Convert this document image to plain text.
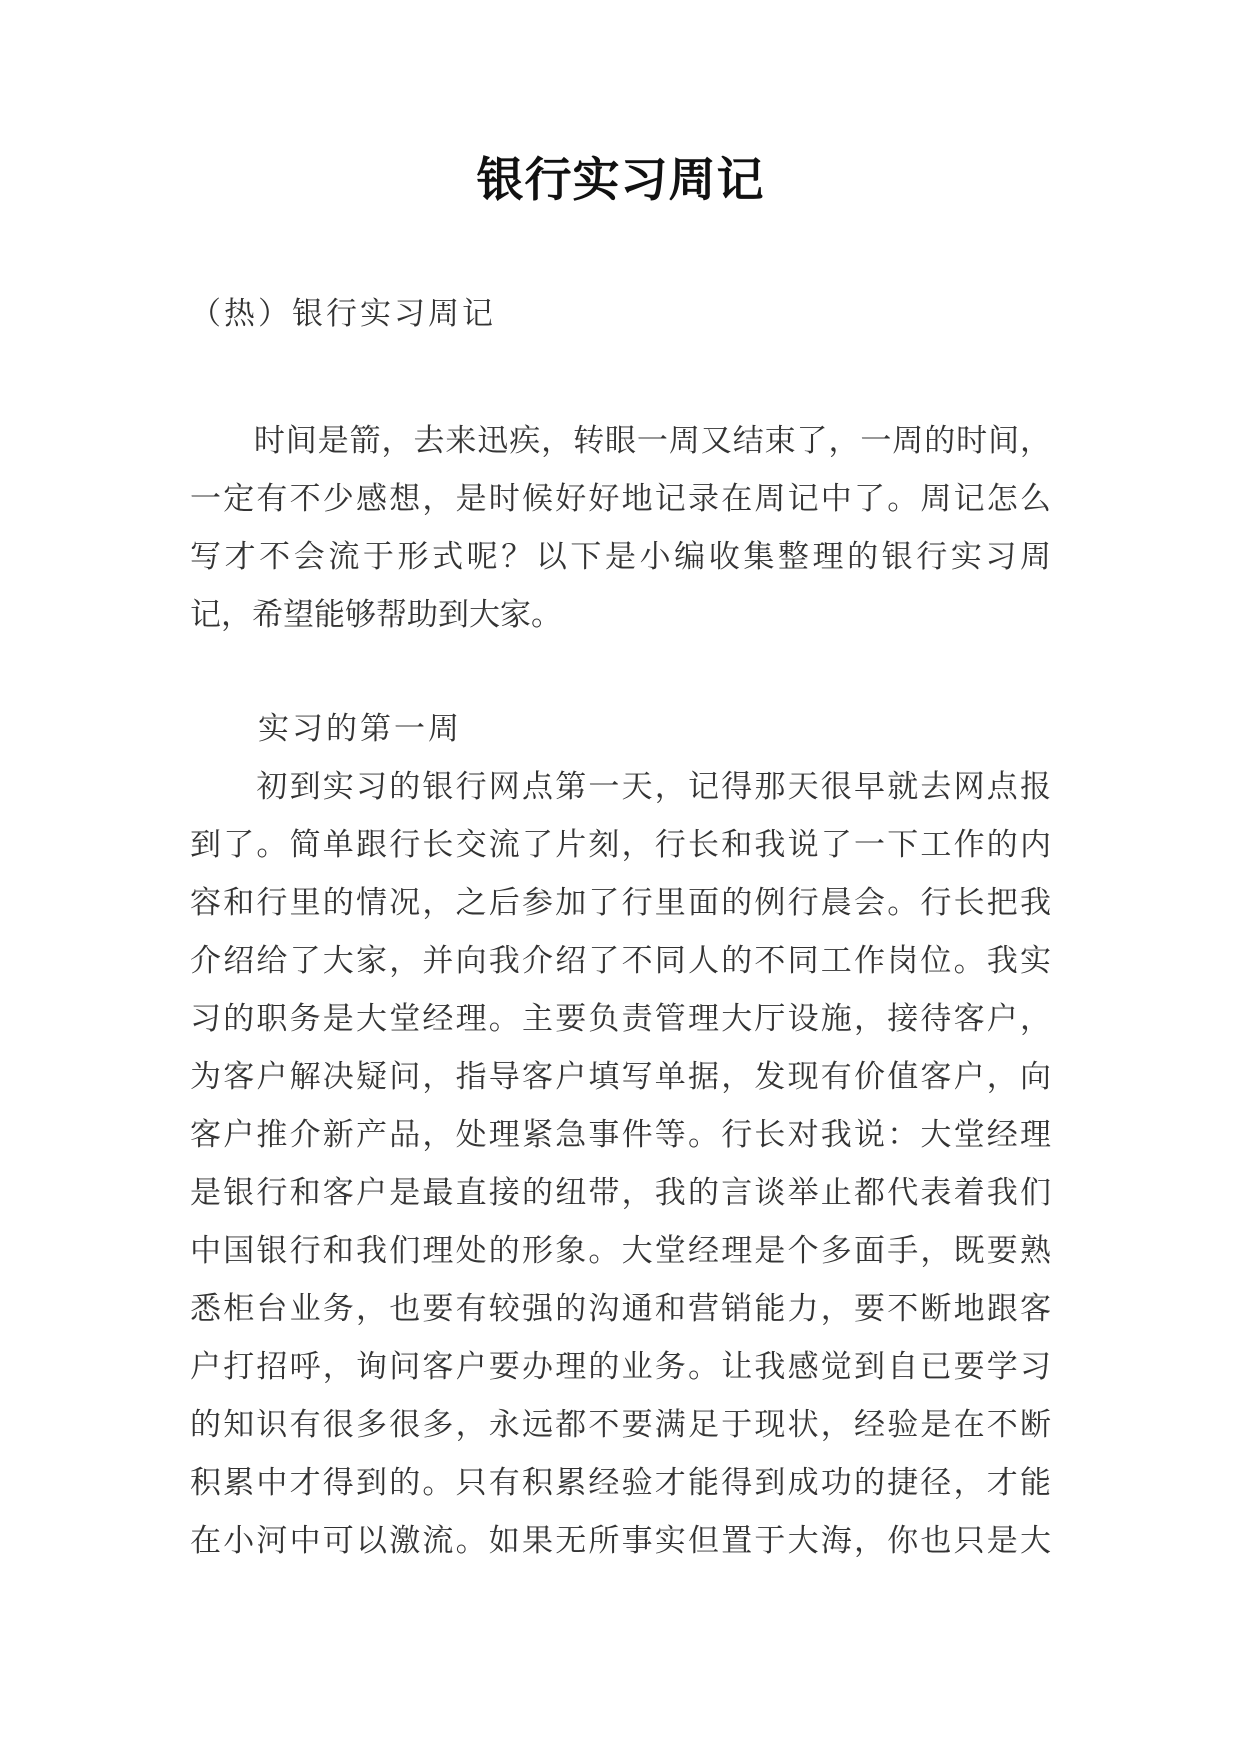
银行实习周记
（热）银行实习周记
　　时间是箭，去来迅疾，转眼一周又结束了，一周的时间，
一定有不少感想，是时候好好地记录在周记中了。周记怎么
写才不会流于形式呢？以下是小编收集整理的银行实习周
记，希望能够帮助到大家。
实习的第一周
　　初到实习的银行网点第一天，记得那天很早就去网点报
到了。简单跟行长交流了片刻，行长和我说了一下工作的内
容和行里的情况，之后参加了行里面的例行晨会。行长把我
介绍给了大家，并向我介绍了不同人的不同工作岗位。我实
习的职务是大堂经理。主要负责管理大厅设施，接待客户，
为客户解决疑问，指导客户填写单据，发现有价值客户，向
客户推介新产品，处理紧急事件等。行长对我说：大堂经理
是银行和客户是最直接的纽带，我的言谈举止都代表着我们
中国银行和我们理处的形象。大堂经理是个多面手，既要熟
悉柜台业务，也要有较强的沟通和营销能力，要不断地跟客
户打招呼，询问客户要办理的业务。让我感觉到自已要学习
的知识有很多很多，永远都不要满足于现状，经验是在不断
积累中才得到的。只有积累经验才能得到成功的捷径，才能
在小河中可以激流。如果无所事实但置于大海，你也只是大
